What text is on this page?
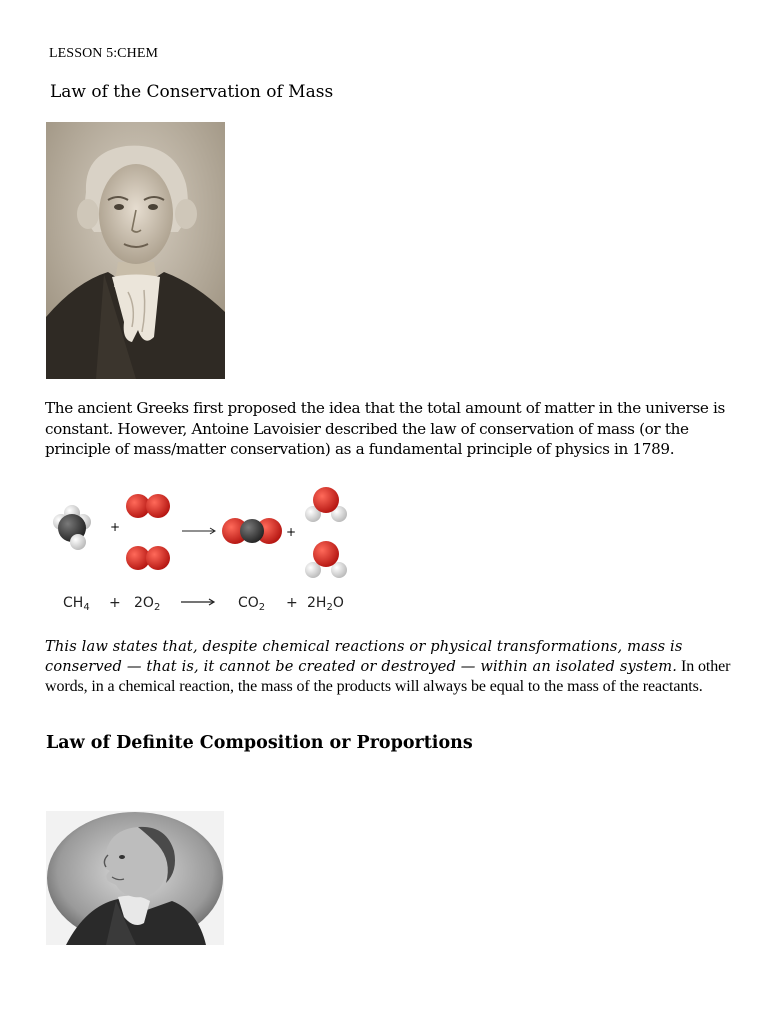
LESSON 5:CHEM
Law of the Conservation of Mass
The ancient Greeks first proposed the idea that the total amount of matter in the universe is constant. However, Antoine Lavoisier described the law of conservation of mass (or the principle of mass/matter conservation) as a fundamental principle of physics in 1789.
+	+
$CH_4 + 2O_2$	$CO_2 + 2H_2O$
This law states that, despite chemical reactions or physical transformations, mass is conserved — that is, it cannot be created or destroyed — within an isolated system. In other words, in a chemical reaction, the mass of the products will always be equal to the mass of the reactants.
Law of Definite Composition or Proportions
